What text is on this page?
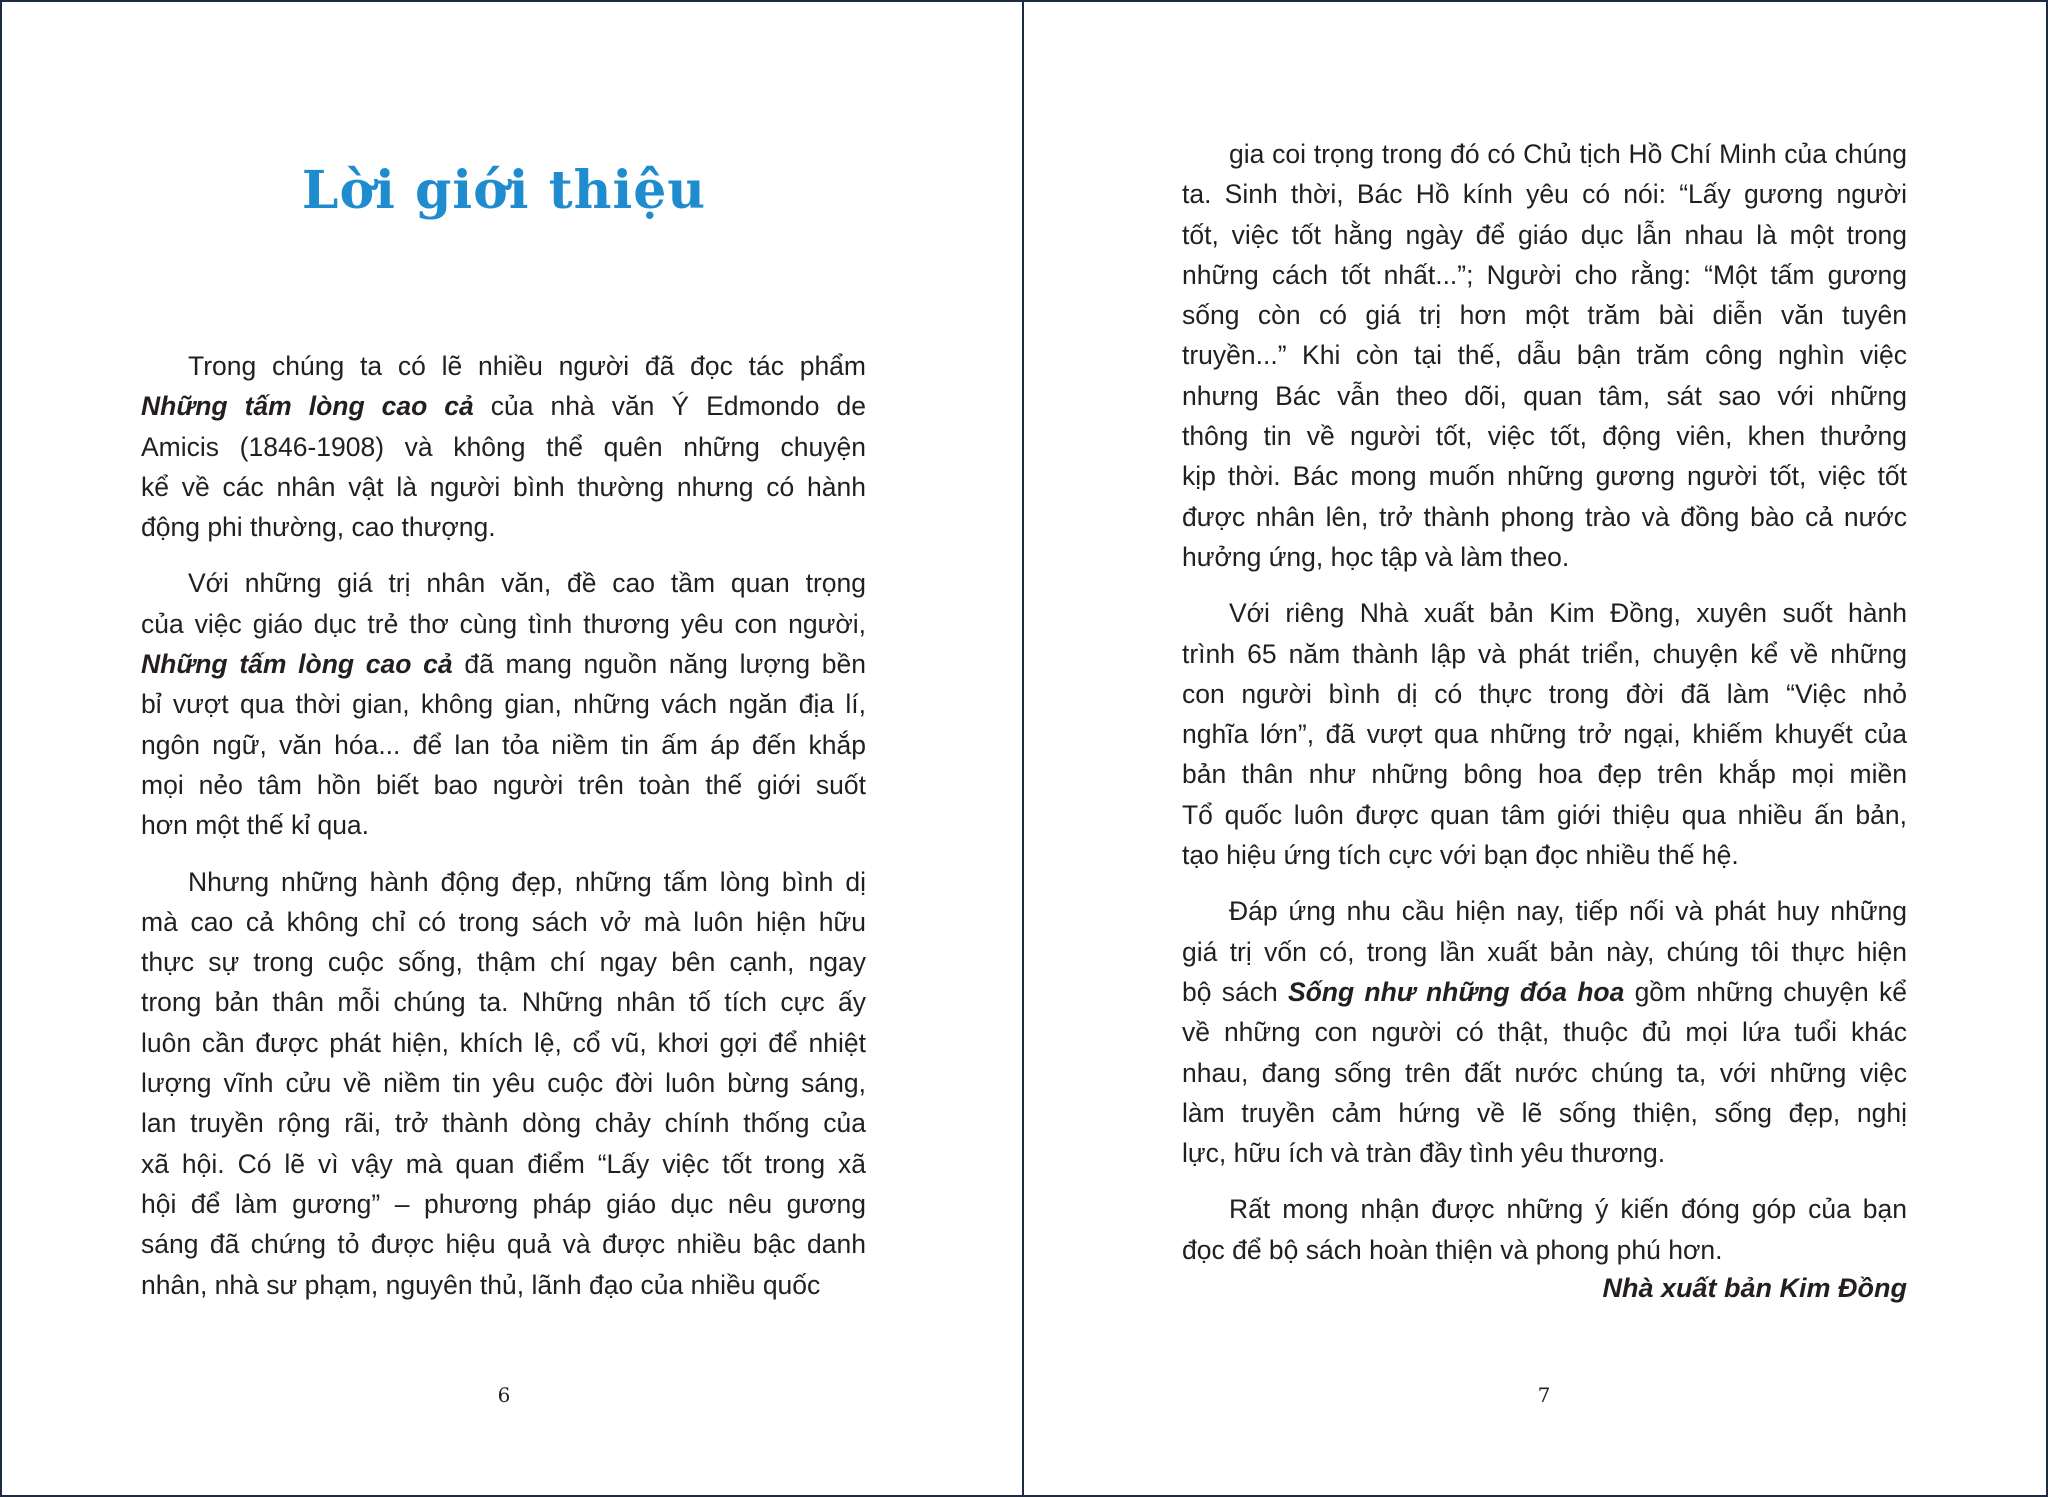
Lời giới thiệu
Trong chúng ta có lẽ nhiều người đã đọc tác phẩm
Những tấm lòng cao cả của nhà văn Ý Edmondo de
Amicis (1846-1908) và không thể quên những chuyện
kể về các nhân vật là người bình thường nhưng có hành
động phi thường, cao thượng.
Với những giá trị nhân văn, đề cao tầm quan trọng
của việc giáo dục trẻ thơ cùng tình thương yêu con người,
Những tấm lòng cao cả đã mang nguồn năng lượng bền
bỉ vượt qua thời gian, không gian, những vách ngăn địa lí,
ngôn ngữ, văn hóa... để lan tỏa niềm tin ấm áp đến khắp
mọi nẻo tâm hồn biết bao người trên toàn thế giới suốt
hơn một thế kỉ qua.
Nhưng những hành động đẹp, những tấm lòng bình dị
mà cao cả không chỉ có trong sách vở mà luôn hiện hữu
thực sự trong cuộc sống, thậm chí ngay bên cạnh, ngay
trong bản thân mỗi chúng ta. Những nhân tố tích cực ấy
luôn cần được phát hiện, khích lệ, cổ vũ, khơi gợi để nhiệt
lượng vĩnh cửu về niềm tin yêu cuộc đời luôn bừng sáng,
lan truyền rộng rãi, trở thành dòng chảy chính thống của
xã hội. Có lẽ vì vậy mà quan điểm “Lấy việc tốt trong xã
hội để làm gương” – phương pháp giáo dục nêu gương
sáng đã chứng tỏ được hiệu quả và được nhiều bậc danh
nhân, nhà sư phạm, nguyên thủ, lãnh đạo của nhiều quốc
gia coi trọng trong đó có Chủ tịch Hồ Chí Minh của chúng
ta. Sinh thời, Bác Hồ kính yêu có nói: “Lấy gương người
tốt, việc tốt hằng ngày để giáo dục lẫn nhau là một trong
những cách tốt nhất...”; Người cho rằng: “Một tấm gương
sống còn có giá trị hơn một trăm bài diễn văn tuyên
truyền...” Khi còn tại thế, dẫu bận trăm công nghìn việc
nhưng Bác vẫn theo dõi, quan tâm, sát sao với những
thông tin về người tốt, việc tốt, động viên, khen thưởng
kịp thời. Bác mong muốn những gương người tốt, việc tốt
được nhân lên, trở thành phong trào và đồng bào cả nước
hưởng ứng, học tập và làm theo.
Với riêng Nhà xuất bản Kim Đồng, xuyên suốt hành
trình 65 năm thành lập và phát triển, chuyện kể về những
con người bình dị có thực trong đời đã làm “Việc nhỏ
nghĩa lớn”, đã vượt qua những trở ngại, khiếm khuyết của
bản thân như những bông hoa đẹp trên khắp mọi miền
Tổ quốc luôn được quan tâm giới thiệu qua nhiều ấn bản,
tạo hiệu ứng tích cực với bạn đọc nhiều thế hệ.
Đáp ứng nhu cầu hiện nay, tiếp nối và phát huy những
giá trị vốn có, trong lần xuất bản này, chúng tôi thực hiện
bộ sách Sống như những đóa hoa gồm những chuyện kể
về những con người có thật, thuộc đủ mọi lứa tuổi khác
nhau, đang sống trên đất nước chúng ta, với những việc
làm truyền cảm hứng về lẽ sống thiện, sống đẹp, nghị
lực, hữu ích và tràn đầy tình yêu thương.
Rất mong nhận được những ý kiến đóng góp của bạn
đọc để bộ sách hoàn thiện và phong phú hơn.
Nhà xuất bản Kim Đồng
6	7
